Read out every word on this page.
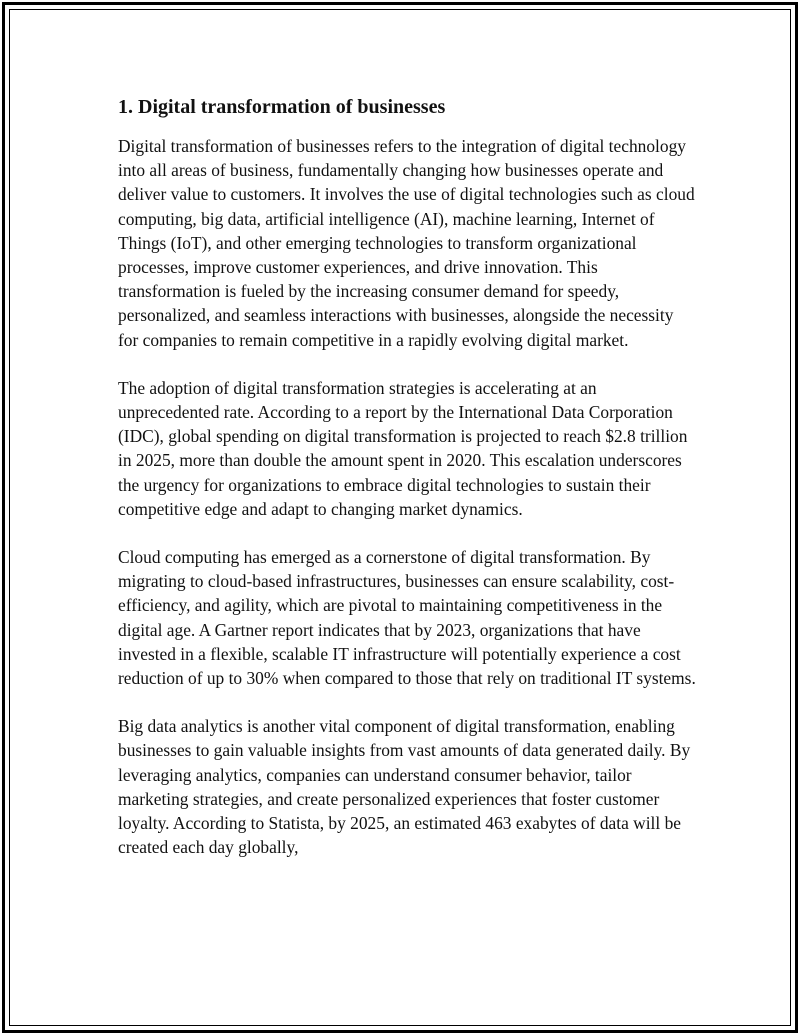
1. Digital transformation of businesses

Digital transformation of businesses refers to the integration of digital technology into all areas of business, fundamentally changing how businesses operate and deliver value to customers. It involves the use of digital technologies such as cloud computing, big data, artificial intelligence (AI), machine learning, Internet of Things (IoT), and other emerging technologies to transform organizational processes, improve customer experiences, and drive innovation. This transformation is fueled by the increasing consumer demand for speedy, personalized, and seamless interactions with businesses, alongside the necessity for companies to remain competitive in a rapidly evolving digital market.

The adoption of digital transformation strategies is accelerating at an unprecedented rate. According to a report by the International Data Corporation (IDC), global spending on digital transformation is projected to reach $2.8 trillion in 2025, more than double the amount spent in 2020. This escalation underscores the urgency for organizations to embrace digital technologies to sustain their competitive edge and adapt to changing market dynamics.

Cloud computing has emerged as a cornerstone of digital transformation. By migrating to cloud-based infrastructures, businesses can ensure scalability, cost-efficiency, and agility, which are pivotal to maintaining competitiveness in the digital age. A Gartner report indicates that by 2023, organizations that have invested in a flexible, scalable IT infrastructure will potentially experience a cost reduction of up to 30% when compared to those that rely on traditional IT systems.

Big data analytics is another vital component of digital transformation, enabling businesses to gain valuable insights from vast amounts of data generated daily. By leveraging analytics, companies can understand consumer behavior, tailor marketing strategies, and create personalized experiences that foster customer loyalty. According to Statista, by 2025, an estimated 463 exabytes of data will be created each day globally,
